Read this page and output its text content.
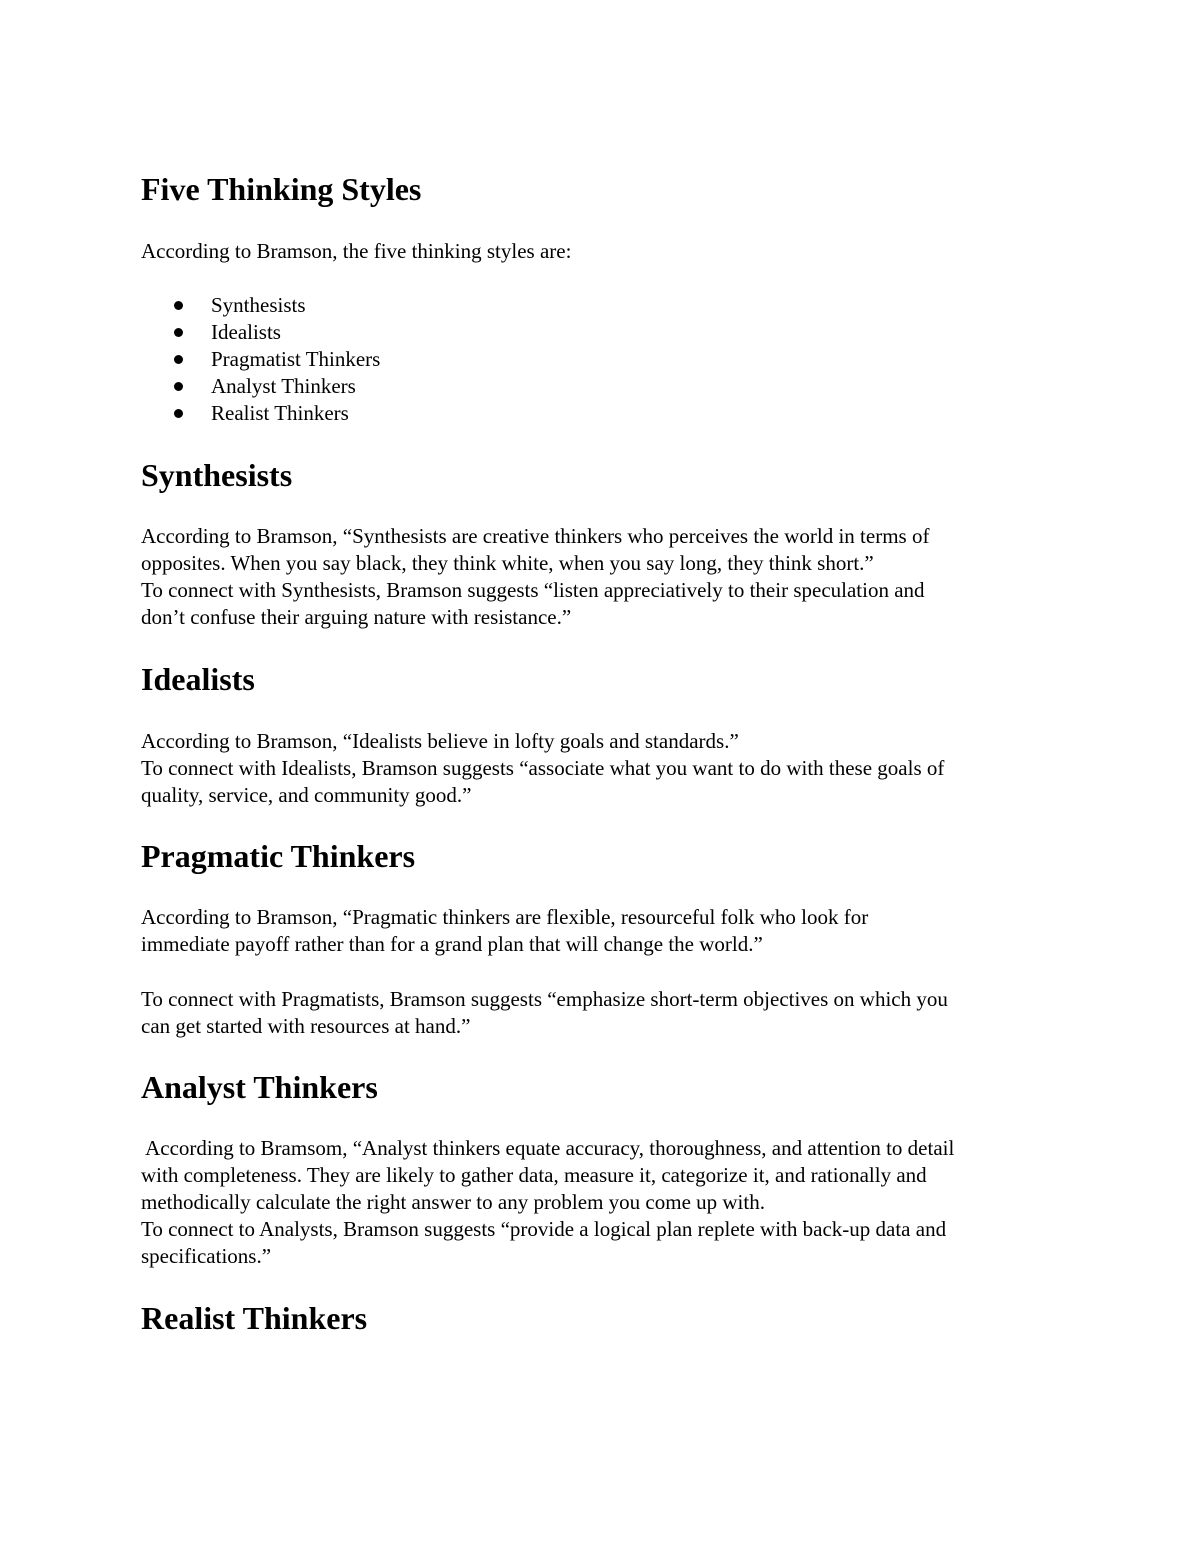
Five Thinking Styles

According to Bramson, the five thinking styles are:

Synthesists
Idealists
Pragmatist Thinkers
Analyst Thinkers
Realist Thinkers
Synthesists

According to Bramson, “Synthesists are creative thinkers who perceives the world in terms of

opposites. When you say black, they think white, when you say long, they think short.”

To connect with Synthesists, Bramson suggests “listen appreciatively to their speculation and

don’t confuse their arguing nature with resistance.”

Idealists

According to Bramson, “Idealists believe in lofty goals and standards.”

To connect with Idealists, Bramson suggests “associate what you want to do with these goals of

quality, service, and community good.”

Pragmatic Thinkers

According to Bramson, “Pragmatic thinkers are flexible, resourceful folk who look for

immediate payoff rather than for a grand plan that will change the world.”

To connect with Pragmatists, Bramson suggests “emphasize short-term objectives on which you

can get started with resources at hand.”

Analyst Thinkers

According to Bramsom, “Analyst thinkers equate accuracy, thoroughness, and attention to detail

with completeness. They are likely to gather data, measure it, categorize it, and rationally and

methodically calculate the right answer to any problem you come up with.

To connect to Analysts, Bramson suggests “provide a logical plan replete with back-up data and

specifications.”

Realist Thinkers
